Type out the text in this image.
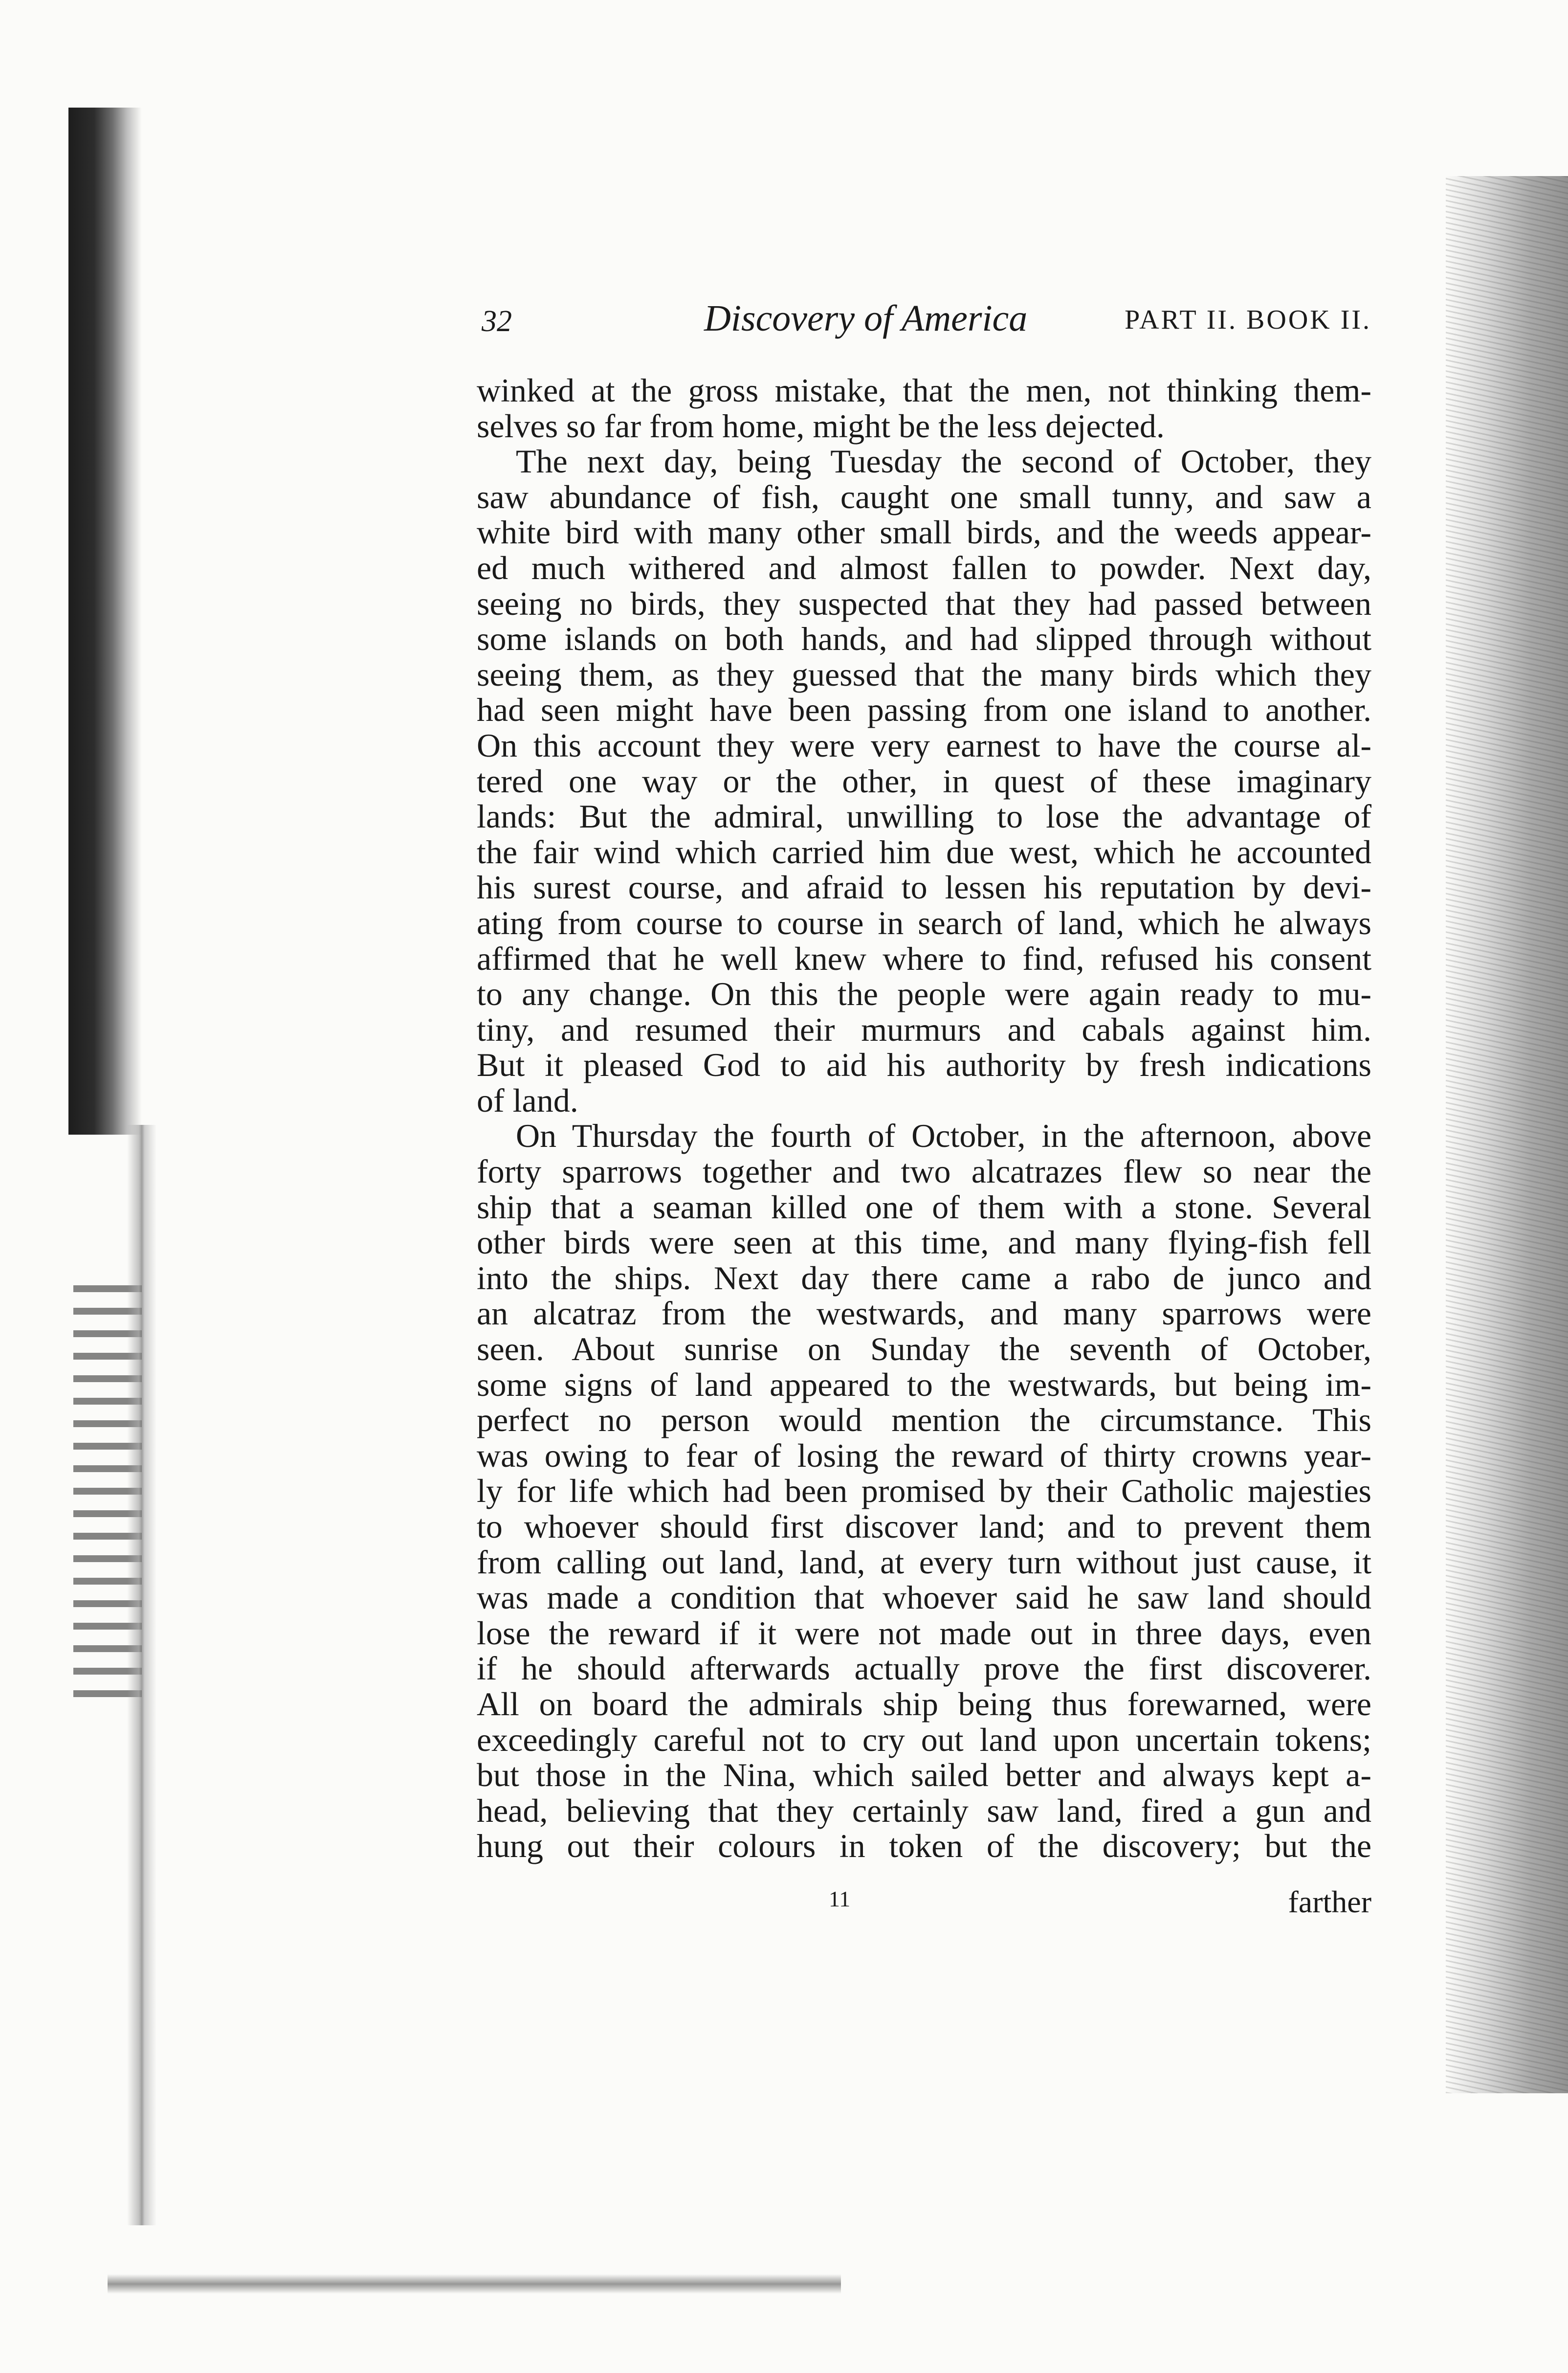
32	Discovery of America	PART II. BOOK II.
winked at the gross mistake, that the men, not thinking them-
selves so far from home, might be the less dejected.
The next day, being Tuesday the second of October, they
saw abundance of fish, caught one small tunny, and saw a
white bird with many other small birds, and the weeds appear-
ed much withered and almost fallen to powder. Next day,
seeing no birds, they suspected that they had passed between
some islands on both hands, and had slipped through without
seeing them, as they guessed that the many birds which they
had seen might have been passing from one island to another.
On this account they were very earnest to have the course al-
tered one way or the other, in quest of these imaginary
lands: But the admiral, unwilling to lose the advantage of
the fair wind which carried him due west, which he accounted
his surest course, and afraid to lessen his reputation by devi-
ating from course to course in search of land, which he always
affirmed that he well knew where to find, refused his consent
to any change. On this the people were again ready to mu-
tiny, and resumed their murmurs and cabals against him.
But it pleased God to aid his authority by fresh indications
of land.
On Thursday the fourth of October, in the afternoon, above
forty sparrows together and two alcatrazes flew so near the
ship that a seaman killed one of them with a stone. Several
other birds were seen at this time, and many flying-fish fell
into the ships. Next day there came a rabo de junco and
an alcatraz from the westwards, and many sparrows were
seen. About sunrise on Sunday the seventh of October,
some signs of land appeared to the westwards, but being im-
perfect no person would mention the circumstance. This
was owing to fear of losing the reward of thirty crowns year-
ly for life which had been promised by their Catholic majesties
to whoever should first discover land; and to prevent them
from calling out land, land, at every turn without just cause, it
was made a condition that whoever said he saw land should
lose the reward if it were not made out in three days, even
if he should afterwards actually prove the first discoverer.
All on board the admirals ship being thus forewarned, were
exceedingly careful not to cry out land upon uncertain tokens;
but those in the Nina, which sailed better and always kept a-
head, believing that they certainly saw land, fired a gun and
hung out their colours in token of the discovery; but the
11	farther
